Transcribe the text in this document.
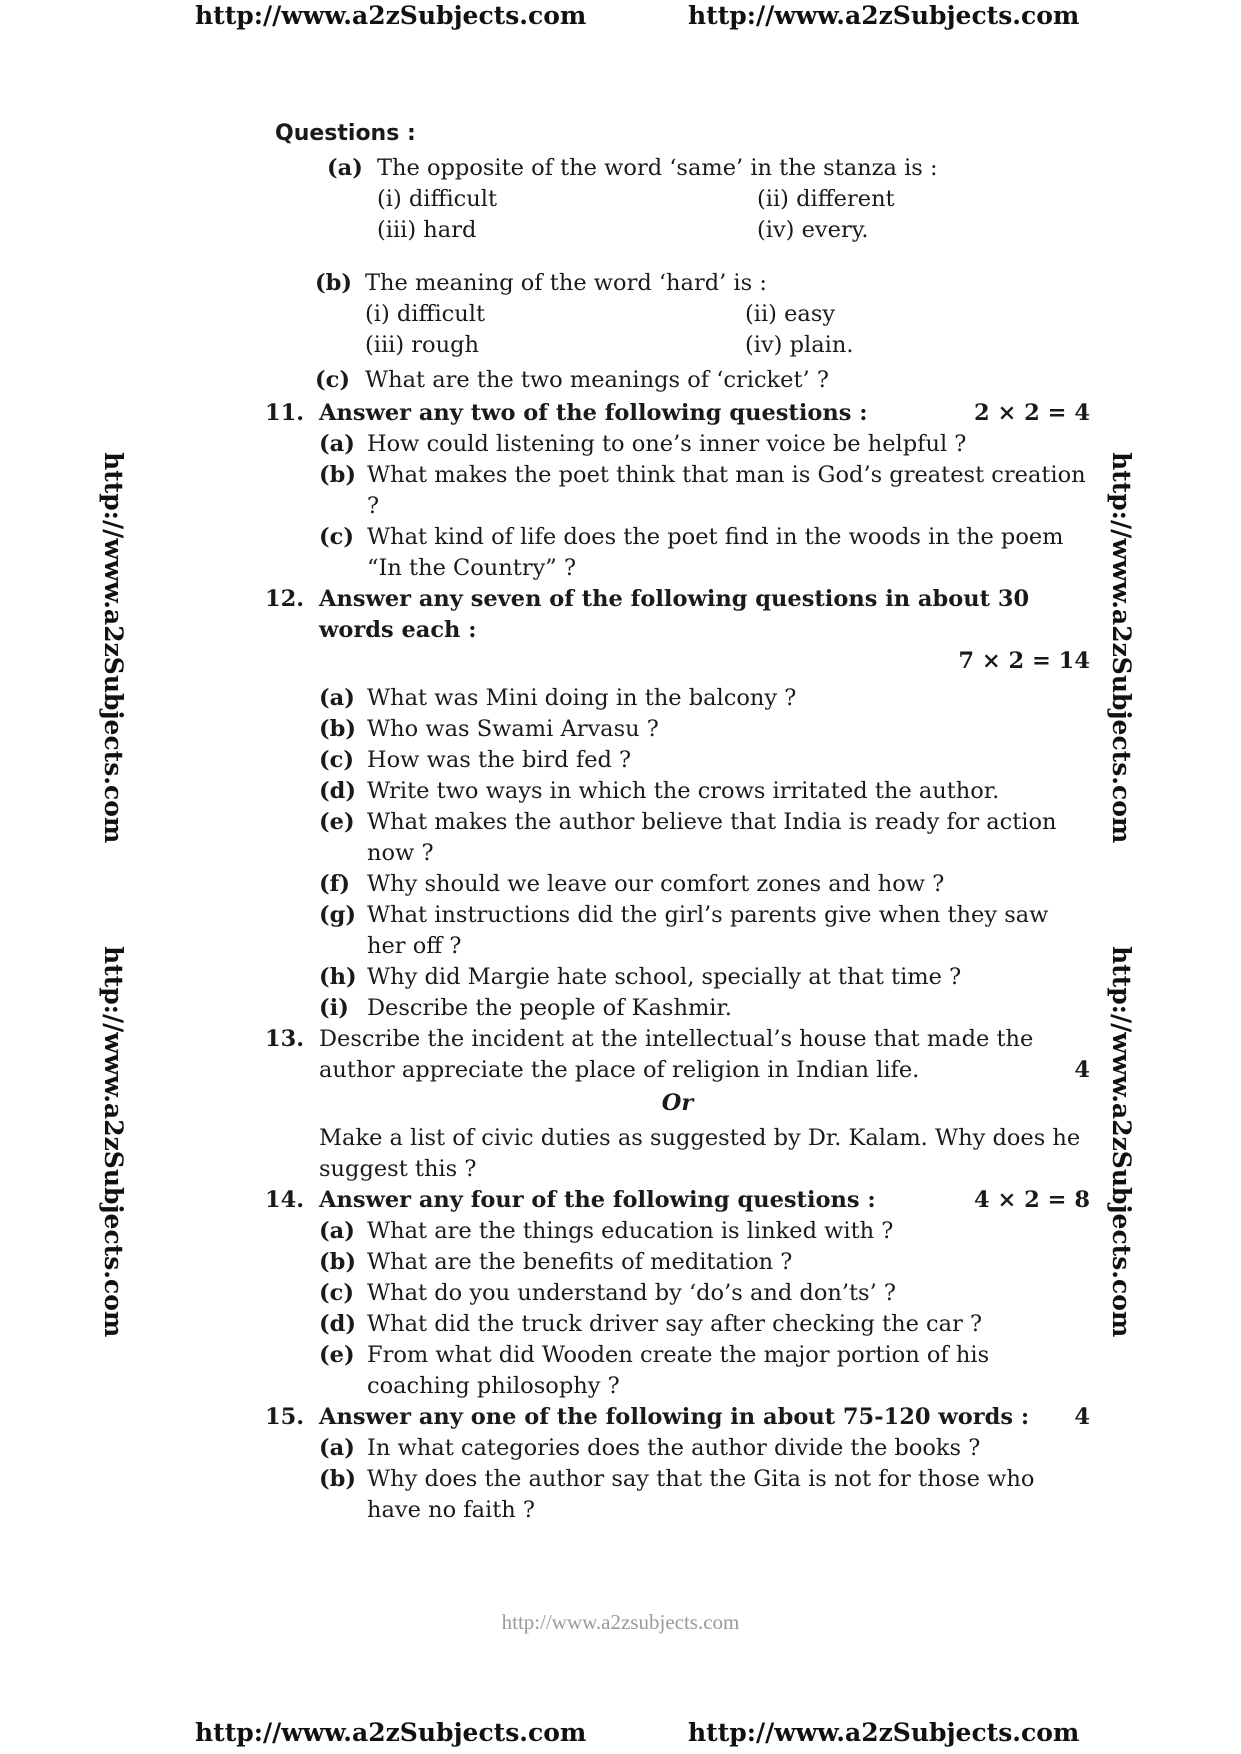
http://www.a2zSubjects.com	http://www.a2zSubjects.com
http://www.a2zSubjects.com
http://www.a2zSubjects.com
http://www.a2zSubjects.com
http://www.a2zSubjects.com
http://www.a2zsubjects.com
http://www.a2zSubjects.com	http://www.a2zSubjects.com
Questions :
(a) The opposite of the word ‘same’ in the stanza is :
(i) difficult	(ii) different
(iii) hard	(iv) every.
(b) The meaning of the word ‘hard’ is :
(i) difficult	(ii) easy
(iii) rough	(iv) plain.
(c) What are the two meanings of ‘cricket’ ?
11. Answer any two of the following questions :	2 × 2 = 4
(a) How could listening to one’s inner voice be helpful ?
(b) What makes the poet think that man is God’s greatest creation ?
(c) What kind of life does the poet find in the woods in the poem “In the Country” ?
12. Answer any seven of the following questions in about 30 words each :
7 × 2 = 14
(a) What was Mini doing in the balcony ?
(b) Who was Swami Arvasu ?
(c) How was the bird fed ?
(d) Write two ways in which the crows irritated the author.
(e) What makes the author believe that India is ready for action now ?
(f) Why should we leave our comfort zones and how ?
(g) What instructions did the girl’s parents give when they saw her off ?
(h) Why did Margie hate school, specially at that time ?
(i) Describe the people of Kashmir.
13. Describe the incident at the intellectual’s house that made the author appreciate the place of religion in Indian life.	4
Or
Make a list of civic duties as suggested by Dr. Kalam. Why does he suggest this ?
14. Answer any four of the following questions :	4 × 2 = 8
(a) What are the things education is linked with ?
(b) What are the benefits of meditation ?
(c) What do you understand by ‘do’s and don’ts’ ?
(d) What did the truck driver say after checking the car ?
(e) From what did Wooden create the major portion of his coaching philosophy ?
15. Answer any one of the following in about 75-120 words : 4
(a) In what categories does the author divide the books ?
(b) Why does the author say that the Gita is not for those who have no faith ?
